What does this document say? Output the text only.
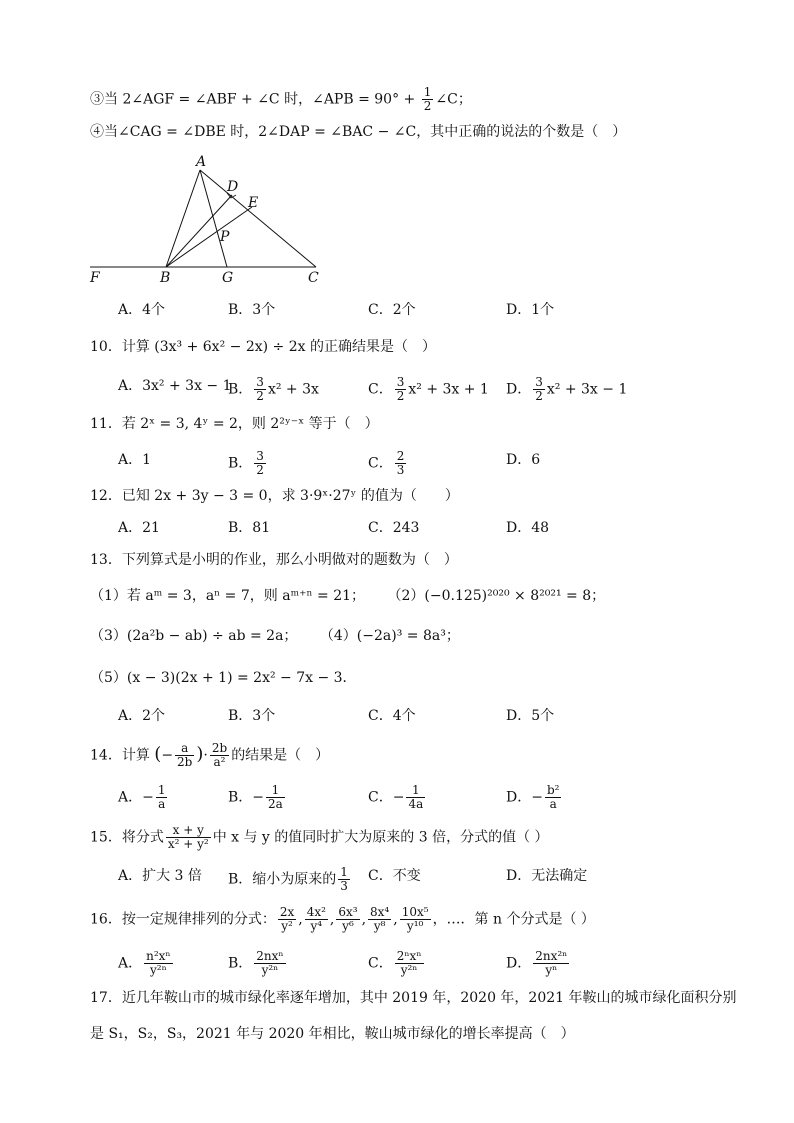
③当 2∠AGF = ∠ABF + ∠C 时，∠APB = $90^\circ + \frac{1}{2}$ ∠C；
④当∠CAG = ∠DBE 时，2∠DAP = ∠BAC − ∠C，其中正确的说法的个数是（　）
A
D
E
P
F	B	G	C
A．4个	B．3个	C．2个	D．1个
10．计算 (3x³ + 6x² − 2x) ÷ 2x 的正确结果是（　）
A．3x² + 3x − 1
B． $\frac{3}{2} x^2 + 3x$	C． $\frac{3}{2} x^2 + 3x + 1$ D． $\frac{3}{2} x^2 + 3x - 1$
11．若 2ˣ = 3, 4ʸ = 2，则 2²ʸ⁻ˣ 等于（　）
A．1	B． $\frac{3}{2}$	C． $\frac{2}{3}$	D．6
12．已知 2x + 3y − 3 = 0，求 3·9ˣ·27ʸ 的值为（　　）
A．21	B．81	C．243	D．48
13．下列算式是小明的作业，那么小明做对的题数为（　）
（1）若 aᵐ = 3，aⁿ = 7，则 aᵐ⁺ⁿ = 21； （2）(−0.125)²⁰²⁰ × 8²⁰²¹ = 8；
（3）(2a²b − ab) ÷ ab = 2a； （4）(−2a)³ = 8a³；
（5）(x − 3)(2x + 1) = 2x² − 7x − 3．
A．2个	B．3个	C．4个	D．5个
14．计算 (− $\frac{a}{2b}$ )· $\frac{2b}{\text{a²}}$ 的结果是（　）
A．− $\frac{1}{a}$	B．− $\frac{1}{2a}$	C．− $\frac{1}{4a}$	D．− $\frac{\text{b²}}{a}$
15．将分式 $\frac{x + y}{\text{x² + y²}}$ 中 x 与 y 的值同时扩大为原来的 3 倍，分式的值（ ）
A．扩大 3 倍 B．缩小为原来的 $\frac{1}{3}$ C．不变	D．无法确定
16．按一定规律排列的分式： $\frac{2x}{\text{y²}}$ , $\frac{\text{4x²}}{\text{y⁴}}$ , $\frac{\text{6x³}}{\text{y⁶}}$ , $\frac{\text{8x⁴}}{\text{y⁸}}$ , $\frac{\text{10x⁵}}{\text{y¹⁰}}$ ，…．第 n 个分式是（ ）
A． $\frac{\text{n²xⁿ}}{\text{y²ⁿ}}$	B． $\frac{\text{2nxⁿ}}{\text{y²ⁿ}}$	C． $\frac{\text{2ⁿxⁿ}}{\text{y²ⁿ}}$	D． $\frac{\text{2nx²ⁿ}}{\text{yⁿ}}$
17．近几年鞍山市的城市绿化率逐年增加，其中 2019 年，2020 年，2021 年鞍山的城市绿化面积分别
是 S₁，S₂，S₃，2021 年与 2020 年相比，鞍山城市绿化的增长率提高（　）
